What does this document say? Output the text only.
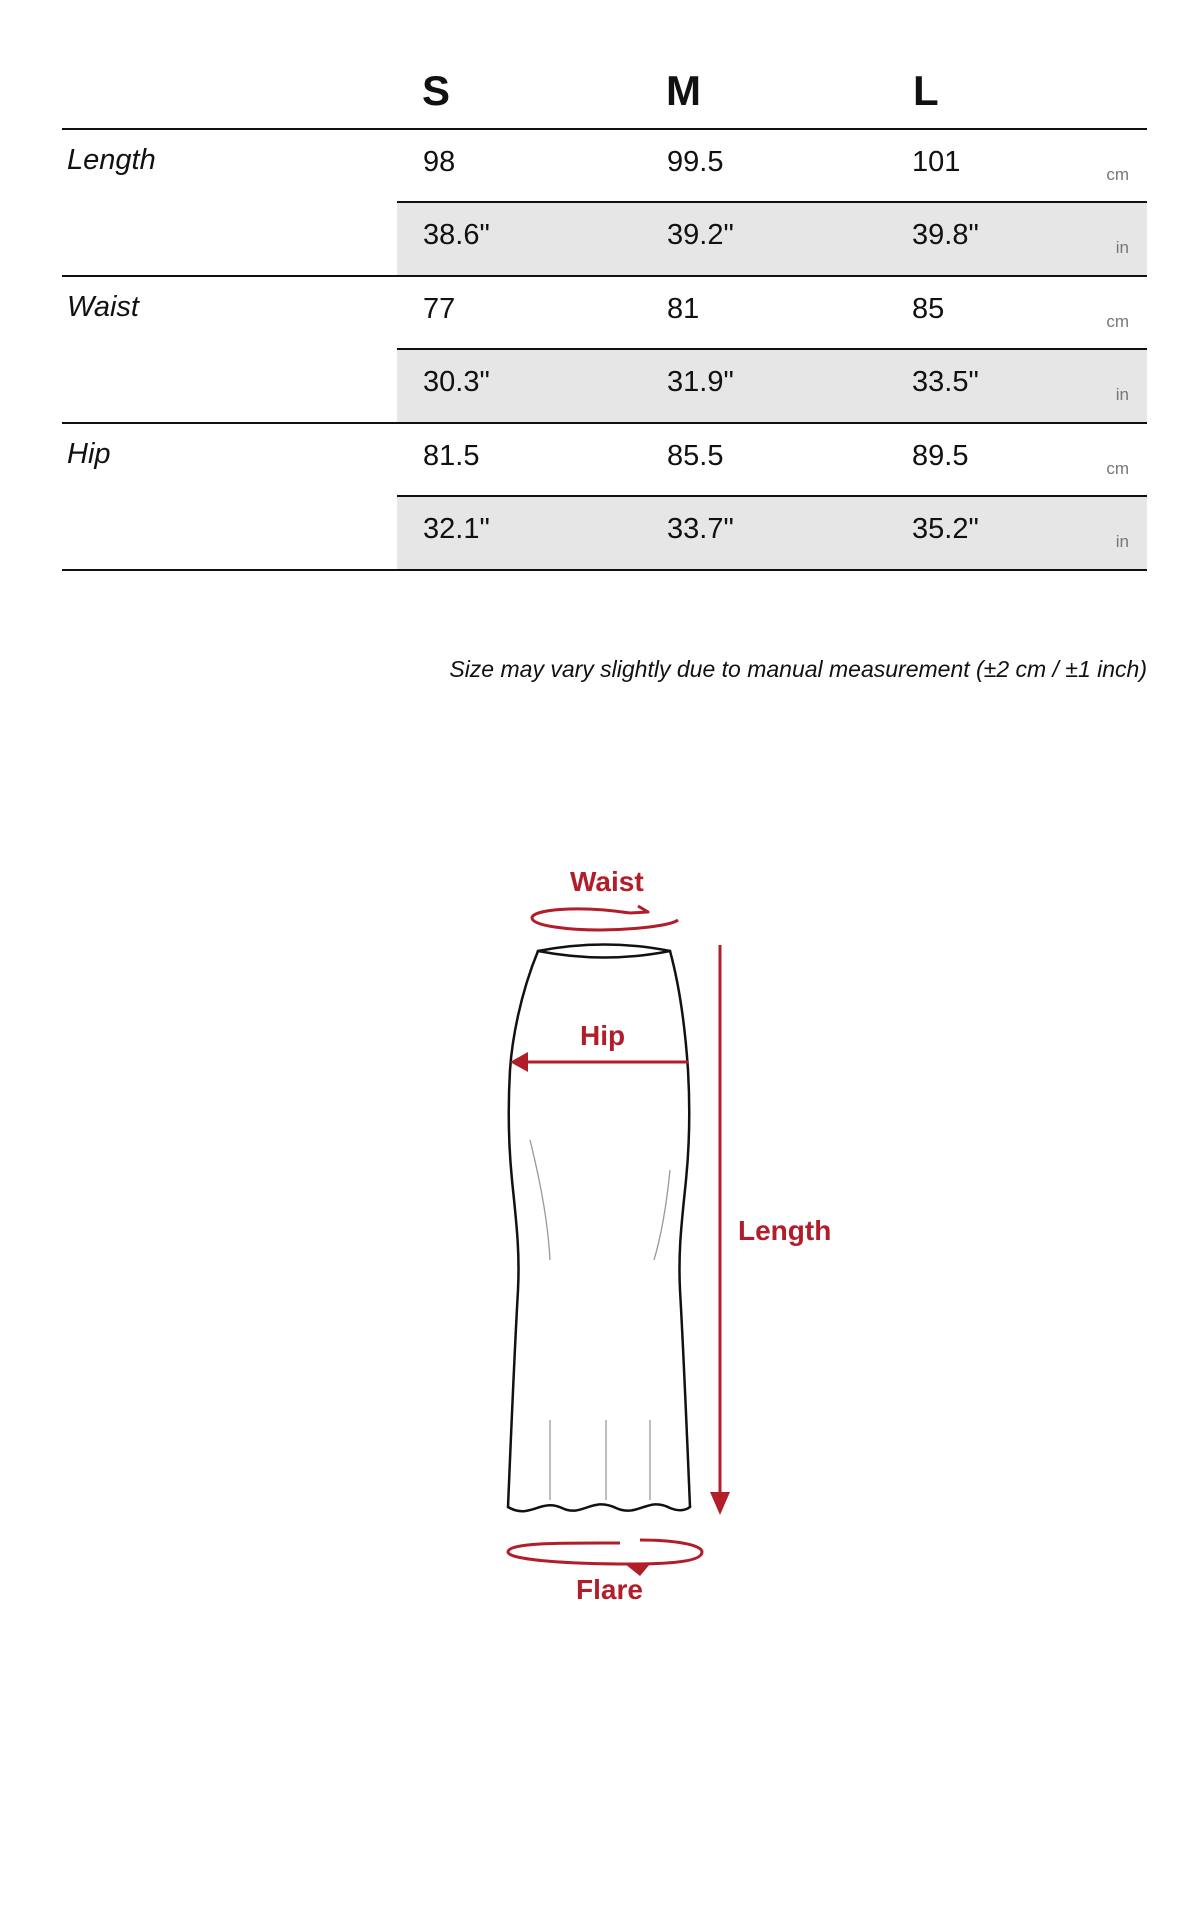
S	M	L
Length	98	99.5	101	cm
38.6"	39.2"	39.8"	in
Waist	77	81	85	cm
30.3"	31.9"	33.5"	in
Hip	81.5	85.5	89.5	cm
32.1"	33.7"	35.2"	in
Size may vary slightly due to manual measurement (±2 cm / ±1 inch)
Waist
Hip
Length
Flare
